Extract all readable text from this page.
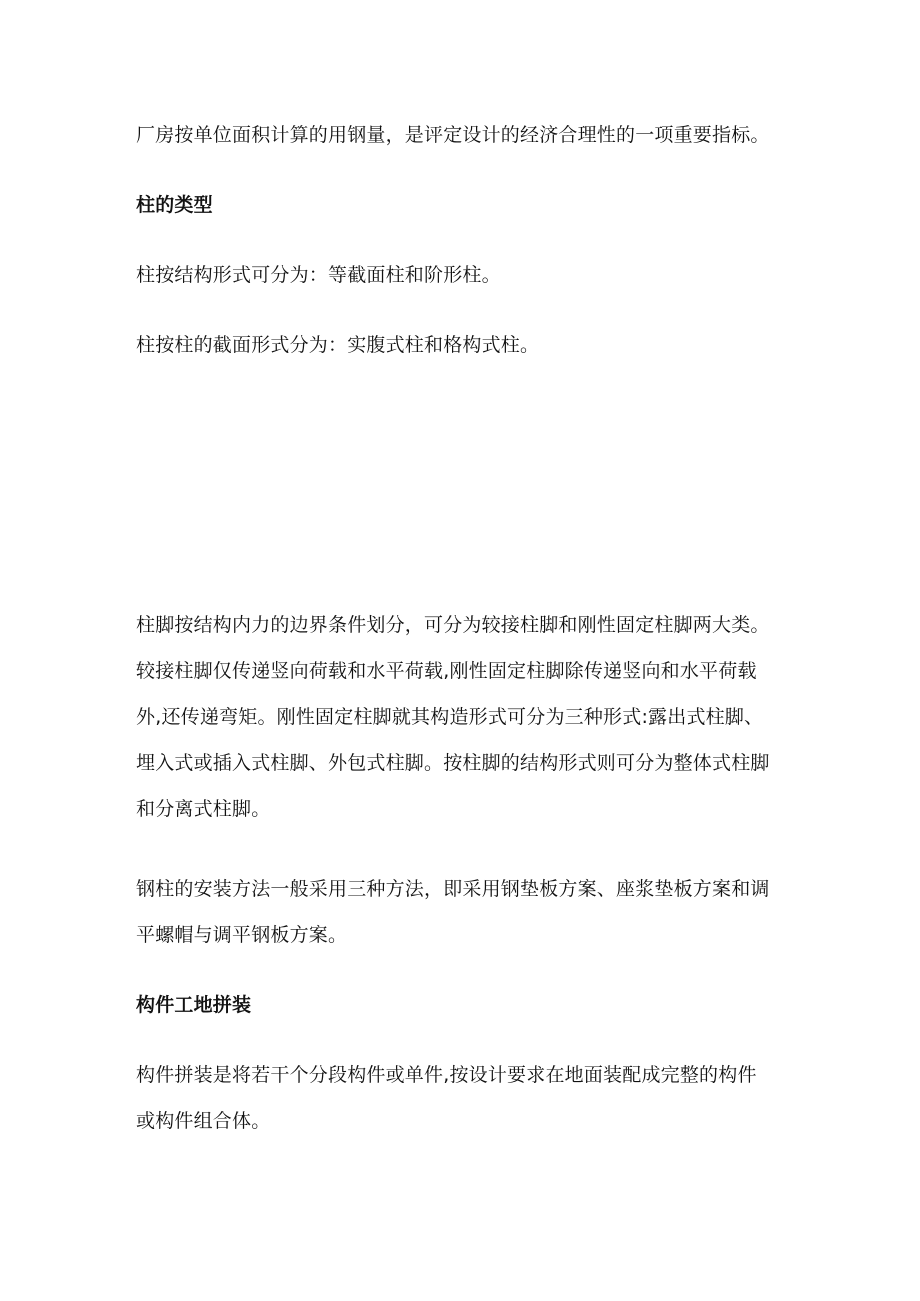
厂房按单位面积计算的用钢量，是评定设计的经济合理性的一项重要指标。

柱的类型

柱按结构形式可分为：等截面柱和阶形柱。

柱按柱的截面形式分为：实腹式柱和格构式柱。

柱脚按结构内力的边界条件划分，可分为较接柱脚和刚性固定柱脚两大类。
较接柱脚仅传递竖向荷载和水平荷载,刚性固定柱脚除传递竖向和水平荷载
外,还传递弯矩。刚性固定柱脚就其构造形式可分为三种形式:露出式柱脚、
埋入式或插入式柱脚、外包式柱脚。按柱脚的结构形式则可分为整体式柱脚
和分离式柱脚。

钢柱的安装方法一般采用三种方法，即采用钢垫板方案、座浆垫板方案和调
平螺帽与调平钢板方案。

构件工地拼装

构件拼装是将若干个分段构件或单件,按设计要求在地面装配成完整的构件
或构件组合体。
